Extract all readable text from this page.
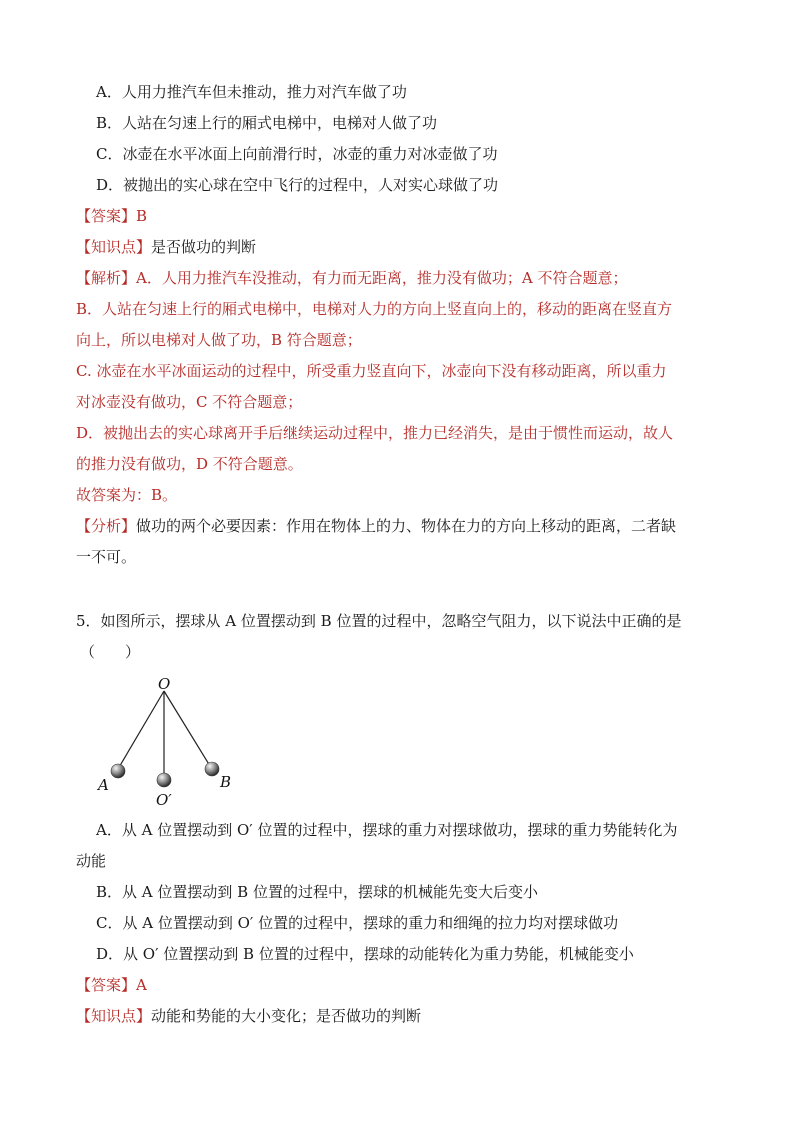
A．人用力推汽车但未推动，推力对汽车做了功
B．人站在匀速上行的厢式电梯中，电梯对人做了功
C．冰壶在水平冰面上向前滑行时，冰壶的重力对冰壶做了功
D．被抛出的实心球在空中飞行的过程中，人对实心球做了功
【答案】B
【知识点】是否做功的判断
【解析】A．人用力推汽车没推动，有力而无距离，推力没有做功；A 不符合题意；
B．人站在匀速上行的厢式电梯中，电梯对人力的方向上竖直向上的，移动的距离在竖直方
向上，所以电梯对人做了功，B 符合题意；
C. 冰壶在水平冰面运动的过程中，所受重力竖直向下，冰壶向下没有移动距离，所以重力
对冰壶没有做功，C 不符合题意；
D．被抛出去的实心球离开手后继续运动过程中，推力已经消失，是由于惯性而运动，故人
的推力没有做功，D 不符合题意。
故答案为：B。
【分析】做功的两个必要因素：作用在物体上的力、物体在力的方向上移动的距离，二者缺
一不可。
5．如图所示，摆球从 A 位置摆动到 B 位置的过程中，忽略空气阻力，以下说法中正确的是
（　　）
O
A	B
O′
A．从 A 位置摆动到 O′ 位置的过程中，摆球的重力对摆球做功，摆球的重力势能转化为
动能
B．从 A 位置摆动到 B 位置的过程中，摆球的机械能先变大后变小
C．从 A 位置摆动到 O′ 位置的过程中，摆球的重力和细绳的拉力均对摆球做功
D．从 O′ 位置摆动到 B 位置的过程中，摆球的动能转化为重力势能，机械能变小
【答案】A
【知识点】动能和势能的大小变化；是否做功的判断
